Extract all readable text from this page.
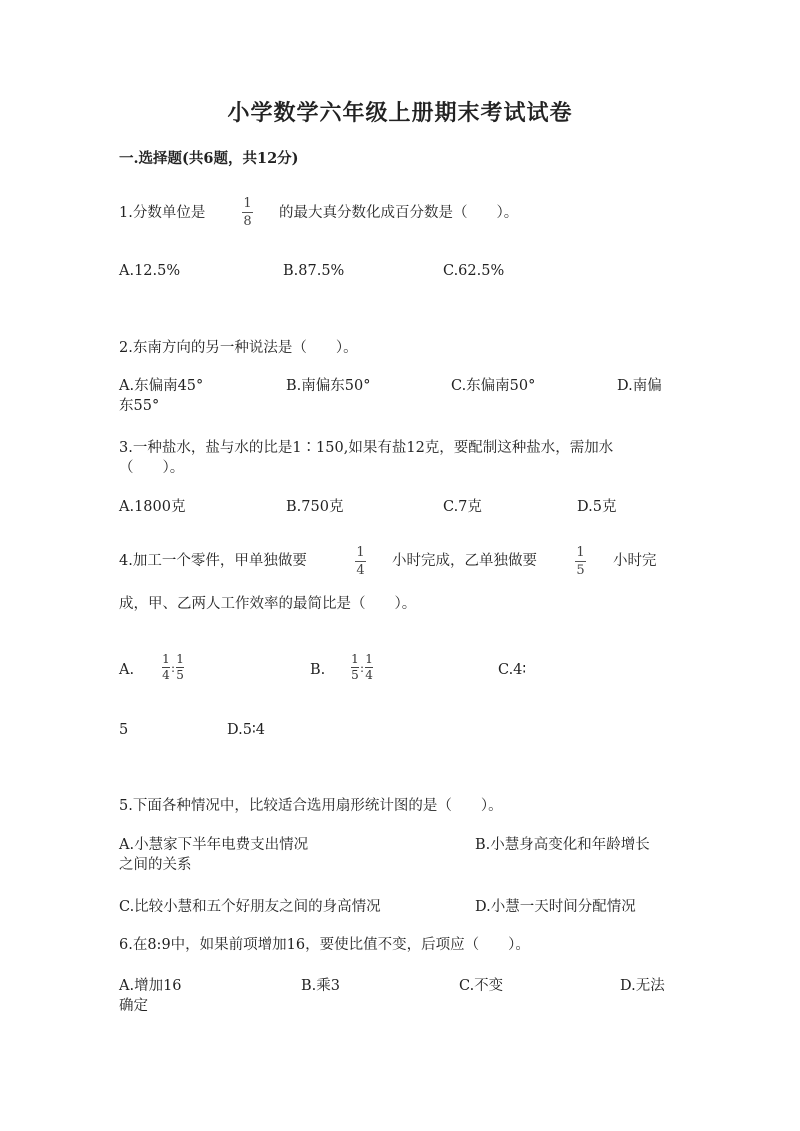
小学数学六年级上册期末考试试卷
一.选择题(共6题，共12分)
1.分数单位是
1
8
的最大真分数化成百分数是（　　）。
A.12.5%	B.87.5%	C.62.5%
2.东南方向的另一种说法是（　　）。
A.东偏南45°	B.南偏东50°	C.东偏南50°	D.南偏
东55°
3.一种盐水，盐与水的比是1∶150,如果有盐12克，要配制这种盐水，需加水
（　　）。
A.1800克	B.750克	C.7克	D.5克
4.加工一个零件，甲单独做要
1
4
小时完成，乙单独做要
1
5
小时完
成，甲、乙两人工作效率的最简比是（　　）。
A.
1
4
:
1
5	B.
1
5
:
1
4	C.4∶
5	D.5∶4
5.下面各种情况中，比较适合选用扇形统计图的是（　　）。
A.小慧家下半年电费支出情况	B.小慧身高变化和年龄增长
之间的关系
C.比较小慧和五个好朋友之间的身高情况	D.小慧一天时间分配情况
6.在8:9中，如果前项增加16，要使比值不变，后项应（　　）。
A.增加16	B.乘3	C.不变	D.无法
确定
